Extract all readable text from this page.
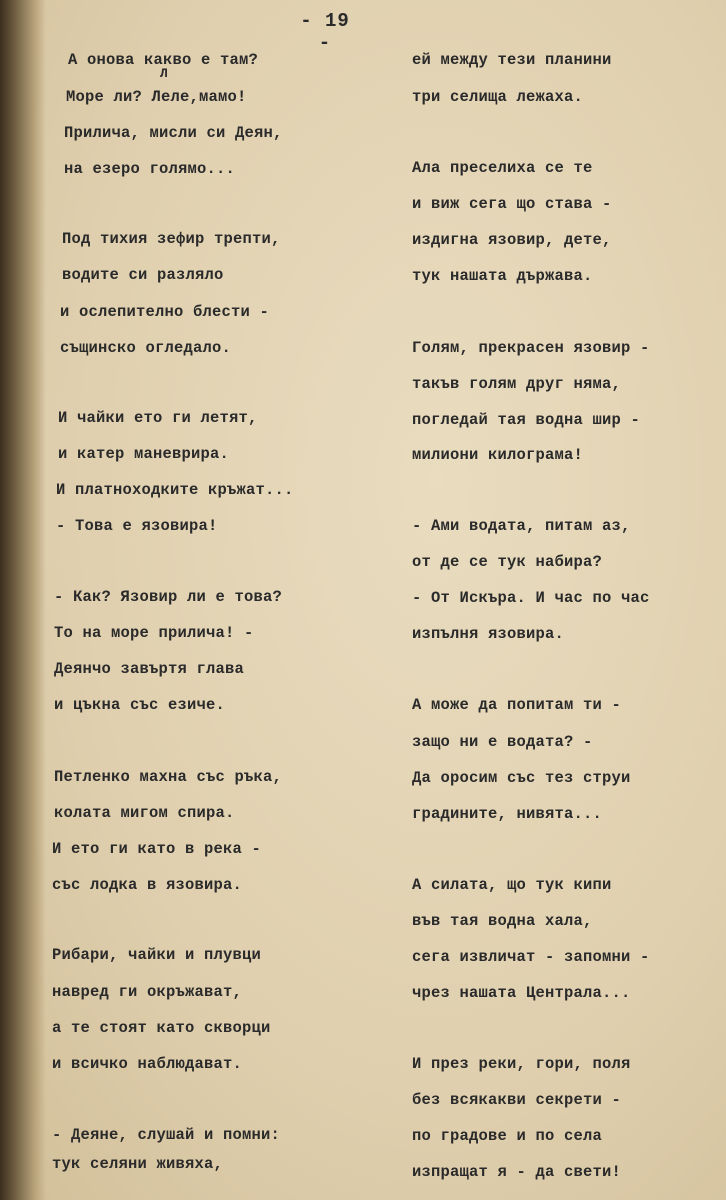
- 19 -
Л
А онова какво е там?
Море ли? Леле,мамо!
Прилича, мисли си Деян,
на езеро голямо...
Под тихия зефир трепти,
водите си разляло
и ослепително блести -
същинско огледало.
И чайки ето ги летят,
и катер маневрира.
И платноходките кръжат...
- Това е язовира!
- Как? Язовир ли е това?
То на море прилича! -
Деянчо завъртя глава
и цъкна със езиче.
Петленко махна със ръка,
колата мигом спира.
И ето ги като в река -
със лодка в язовира.
Рибари, чайки и плувци
навред ги окръжават,
а те стоят като скворци
и всичко наблюдават.
- Деяне, слушай и помни:
тук селяни живяха,
ей между тези планини
три селища лежаха.
Ала преселиха се те
и виж сега що става -
издигна язовир, дете,
тук нашата държава.
Голям, прекрасен язовир -
такъв голям друг няма,
погледай тая водна шир -
милиони килограма!
- Ами водата, питам аз,
от де се тук набира?
- От Искъра. И час по час
изпълня язовира.
А може да попитам ти -
защо ни е водата? -
Да оросим със тез струи
градините, нивята...
А силата, що тук кипи
във тая водна хала,
сега извличат - запомни -
чрез нашата Централа...
И през реки, гори, поля
без всякакви секрети -
по градове и по села
изпращат я - да свети!
